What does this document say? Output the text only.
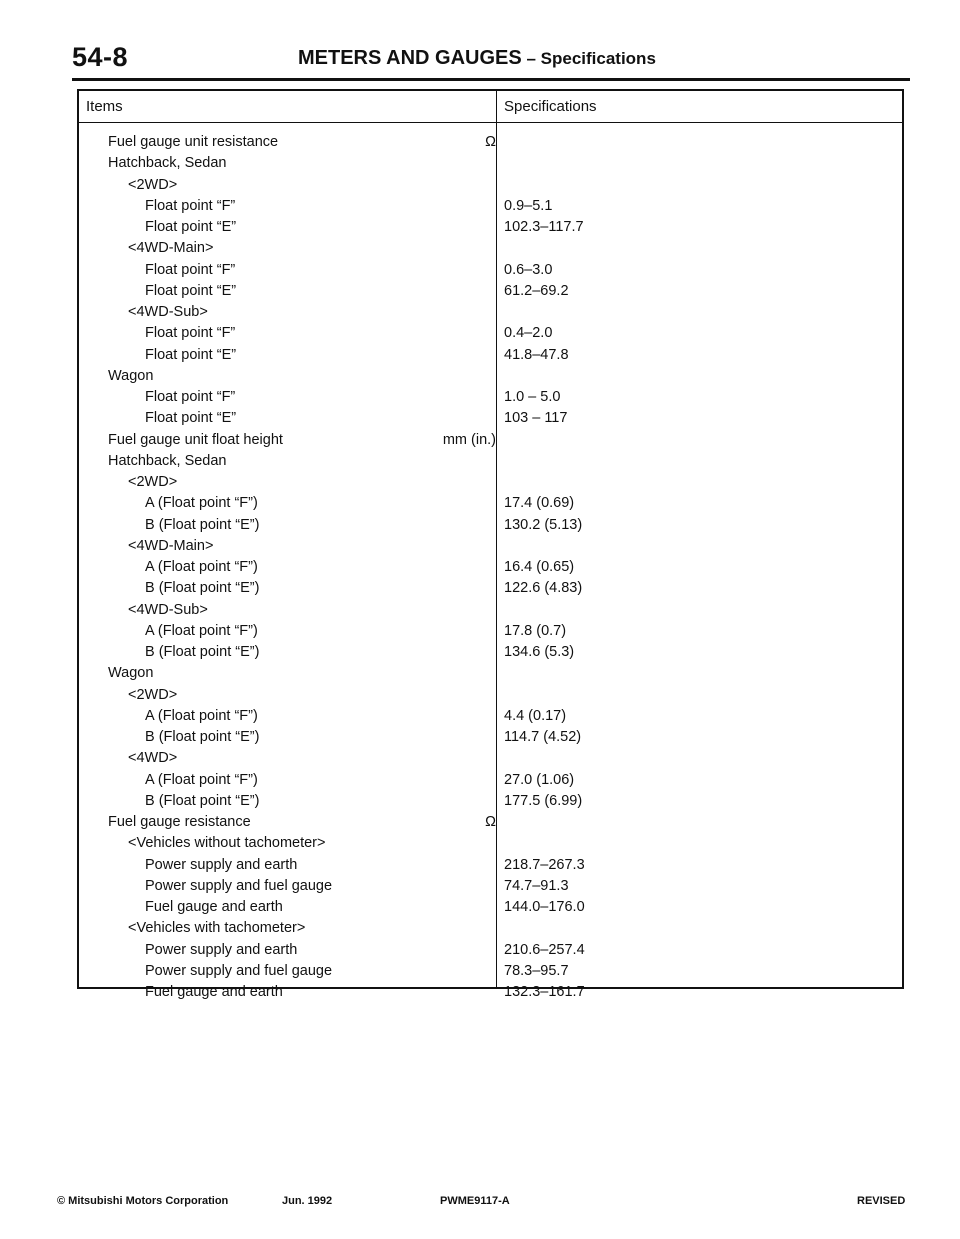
54-8	METERS AND GAUGES – Specifications
Items	Specifications
Fuel gauge unit resistance	Ω
Hatchback, Sedan
<2WD>
Float point “F”	0.9–5.1
Float point “E”	102.3–117.7
<4WD-Main>
Float point “F”	0.6–3.0
Float point “E”	61.2–69.2
<4WD-Sub>
Float point “F”	0.4–2.0
Float point “E”	41.8–47.8
Wagon
Float point “F”	1.0 – 5.0
Float point “E”	103 – 117
Fuel gauge unit float height	mm (in.)
Hatchback, Sedan
<2WD>
A (Float point “F”)	17.4 (0.69)
B (Float point “E”)	130.2 (5.13)
<4WD-Main>
A (Float point “F”)	16.4 (0.65)
B (Float point “E”)	122.6 (4.83)
<4WD-Sub>
A (Float point “F”)	17.8 (0.7)
B (Float point “E”)	134.6 (5.3)
Wagon
<2WD>
A (Float point “F”)	4.4 (0.17)
B (Float point “E”)	114.7 (4.52)
<4WD>
A (Float point “F”)	27.0 (1.06)
B (Float point “E”)	177.5 (6.99)
Fuel gauge resistance	Ω
<Vehicles without tachometer>
Power supply and earth	218.7–267.3
Power supply and fuel gauge	74.7–91.3
Fuel gauge and earth	144.0–176.0
<Vehicles with tachometer>
Power supply and earth	210.6–257.4
Power supply and fuel gauge	78.3–95.7
Fuel gauge and earth	132.3–161.7
© Mitsubishi Motors Corporation	Jun. 1992	PWME9117-A	REVISED
